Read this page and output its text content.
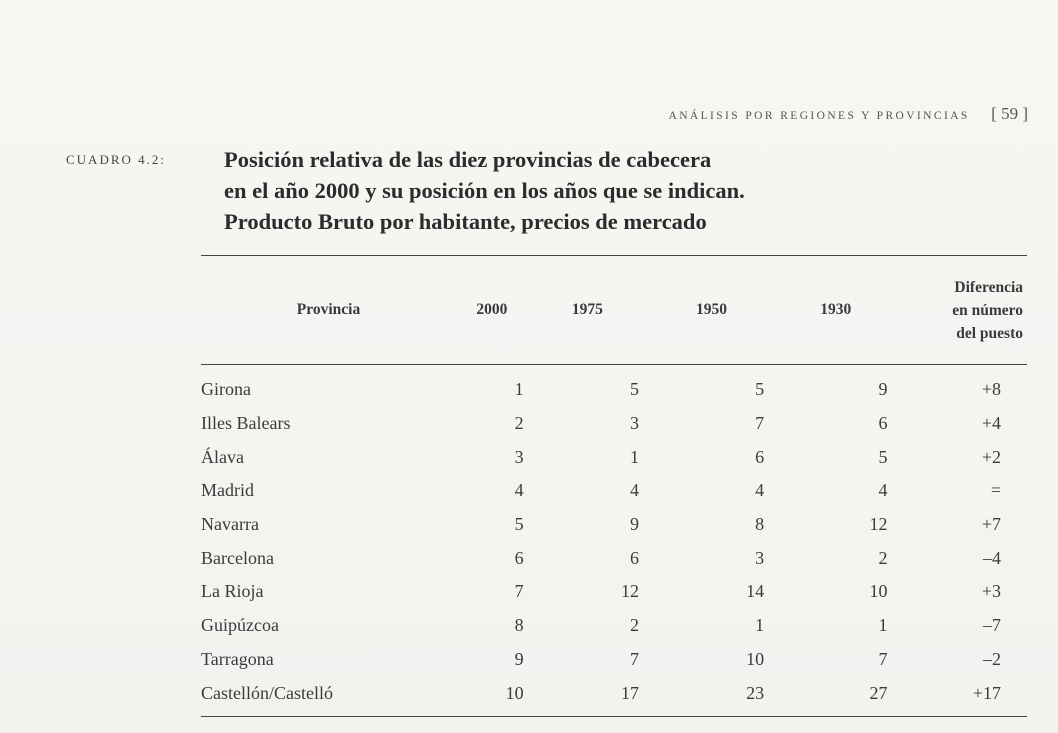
ANÁLISIS POR REGIONES Y PROVINCIAS [ 59 ]
CUADRO 4.2:	Posición relativa de las diez provincias de cabecera
en el año 2000 y su posición en los años que se indican.
Producto Bruto por habitante, precios de mercado
Provincia	2000	1975	1950	1930	Diferencia
en número
del puesto

Girona	1	5	5	9	+8
Illes Balears	2	3	7	6	+4
Álava	3	1	6	5	+2
Madrid	4	4	4	4	=
Navarra	5	9	8	12	+7
Barcelona	6	6	3	2	–4
La Rioja	7	12	14	10	+3
Guipúzcoa	8	2	1	1	–7
Tarragona	9	7	10	7	–2
Castellón/Castelló	10	17	23	27	+17
